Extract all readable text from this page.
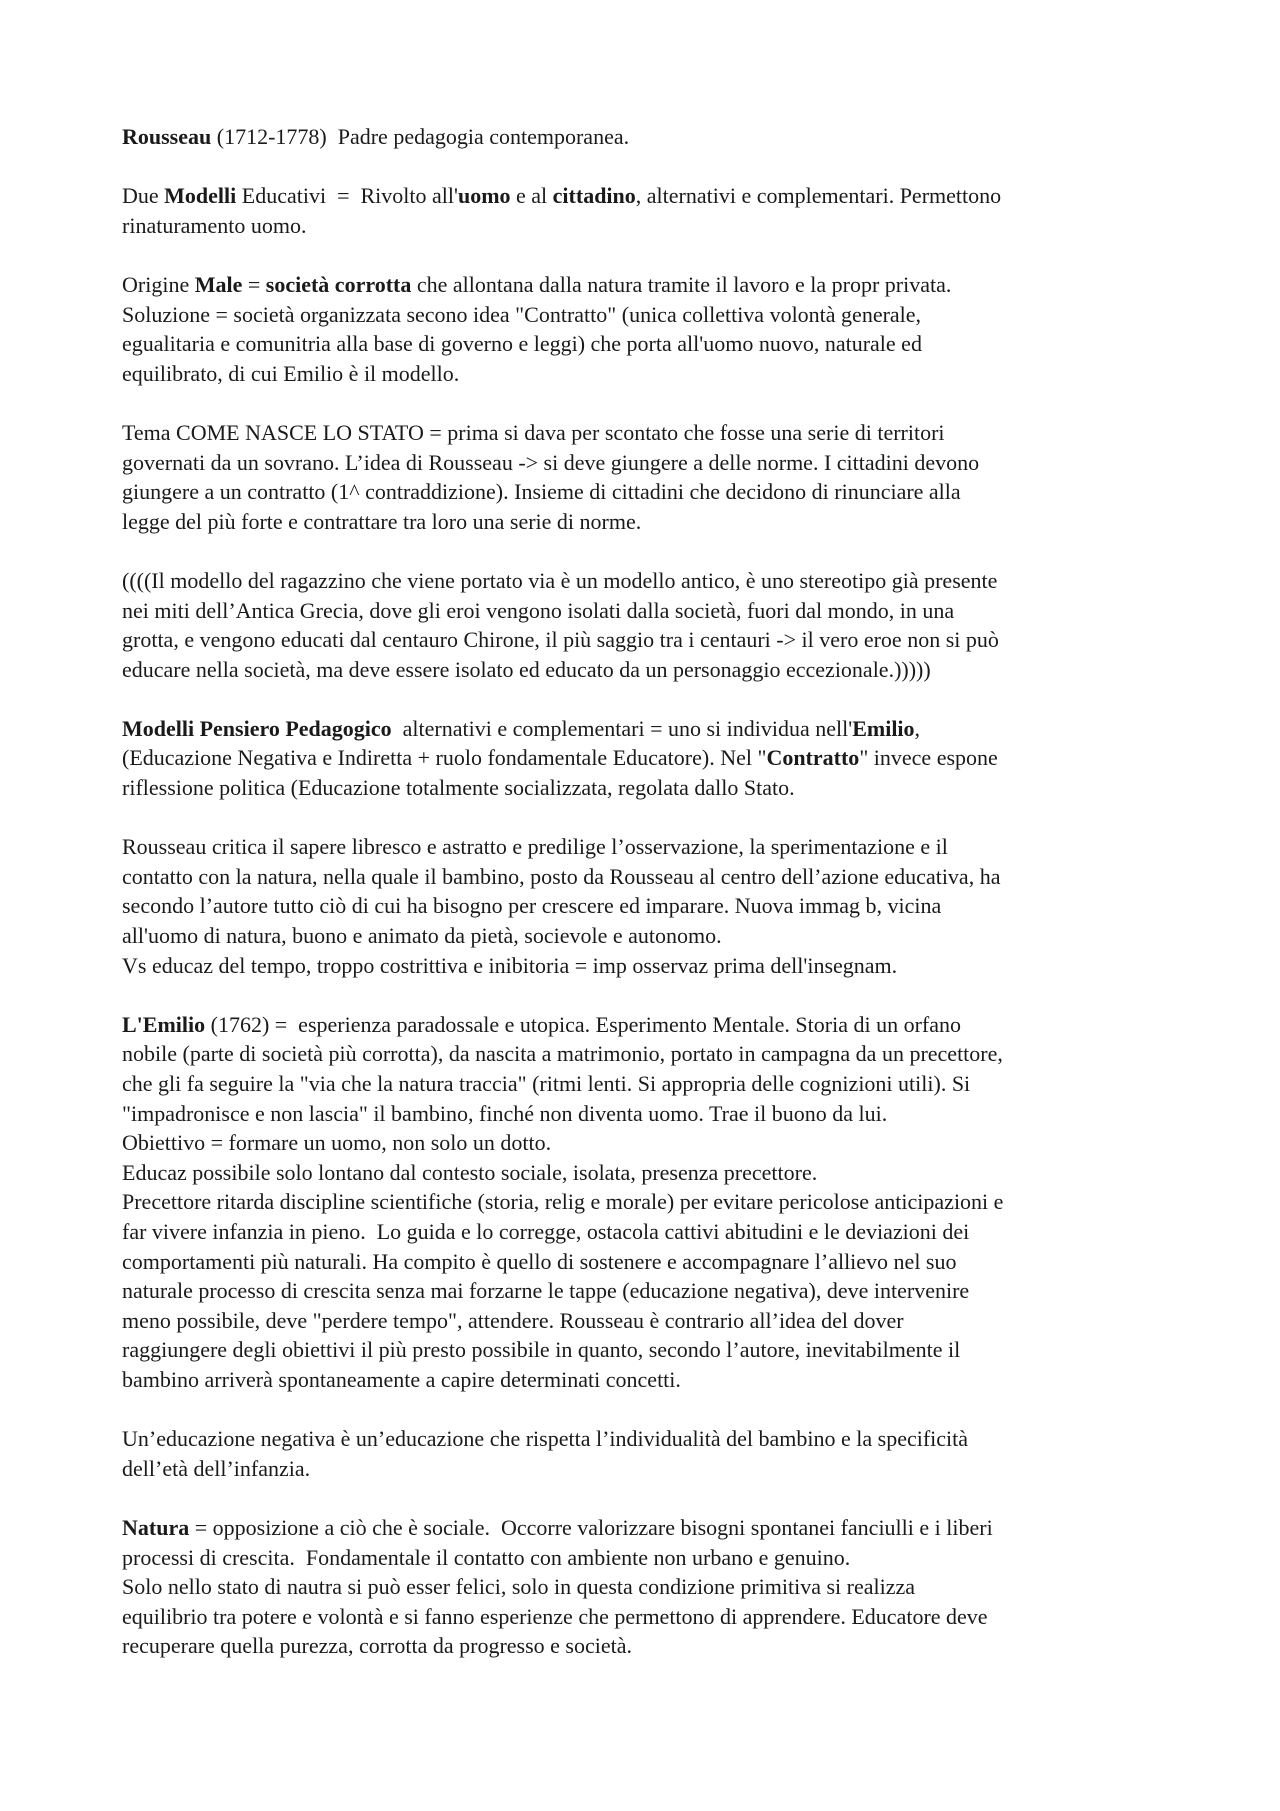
Rousseau (1712-1778)  Padre pedagogia contemporanea.

Due Modelli Educativi  =  Rivolto all'uomo e al cittadino, alternativi e complementari. Permettono
rinaturamento uomo.

Origine Male = società corrotta che allontana dalla natura tramite il lavoro e la propr privata.
Soluzione = società organizzata secono idea "Contratto" (unica collettiva volontà generale,
egualitaria e comunitria alla base di governo e leggi) che porta all'uomo nuovo, naturale ed
equilibrato, di cui Emilio è il modello.

Tema COME NASCE LO STATO = prima si dava per scontato che fosse una serie di territori
governati da un sovrano. L’idea di Rousseau -> si deve giungere a delle norme. I cittadini devono
giungere a un contratto (1^ contraddizione). Insieme di cittadini che decidono di rinunciare alla
legge del più forte e contrattare tra loro una serie di norme.

((((Il modello del ragazzino che viene portato via è un modello antico, è uno stereotipo già presente
nei miti dell’Antica Grecia, dove gli eroi vengono isolati dalla società, fuori dal mondo, in una
grotta, e vengono educati dal centauro Chirone, il più saggio tra i centauri -> il vero eroe non si può
educare nella società, ma deve essere isolato ed educato da un personaggio eccezionale.)))))

Modelli Pensiero Pedagogico  alternativi e complementari = uno si individua nell'Emilio,
(Educazione Negativa e Indiretta + ruolo fondamentale Educatore). Nel "Contratto" invece espone
riflessione politica (Educazione totalmente socializzata, regolata dallo Stato.

Rousseau critica il sapere libresco e astratto e predilige l’osservazione, la sperimentazione e il
contatto con la natura, nella quale il bambino, posto da Rousseau al centro dell’azione educativa, ha
secondo l’autore tutto ciò di cui ha bisogno per crescere ed imparare. Nuova immag b, vicina
all'uomo di natura, buono e animato da pietà, socievole e autonomo.
Vs educaz del tempo, troppo costrittiva e inibitoria = imp osservaz prima dell'insegnam.

L'Emilio (1762) =  esperienza paradossale e utopica. Esperimento Mentale. Storia di un orfano
nobile (parte di società più corrotta), da nascita a matrimonio, portato in campagna da un precettore,
che gli fa seguire la "via che la natura traccia" (ritmi lenti. Si appropria delle cognizioni utili). Si
"impadronisce e non lascia" il bambino, finché non diventa uomo. Trae il buono da lui.
Obiettivo = formare un uomo, non solo un dotto.
Educaz possibile solo lontano dal contesto sociale, isolata, presenza precettore.
Precettore ritarda discipline scientifiche (storia, relig e morale) per evitare pericolose anticipazioni e
far vivere infanzia in pieno.  Lo guida e lo corregge, ostacola cattivi abitudini e le deviazioni dei
comportamenti più naturali. Ha compito è quello di sostenere e accompagnare l’allievo nel suo
naturale processo di crescita senza mai forzarne le tappe (educazione negativa), deve intervenire
meno possibile, deve "perdere tempo", attendere. Rousseau è contrario all’idea del dover
raggiungere degli obiettivi il più presto possibile in quanto, secondo l’autore, inevitabilmente il
bambino arriverà spontaneamente a capire determinati concetti.

Un’educazione negativa è un’educazione che rispetta l’individualità del bambino e la specificità
dell’età dell’infanzia.

Natura = opposizione a ciò che è sociale.  Occorre valorizzare bisogni spontanei fanciulli e i liberi
processi di crescita.  Fondamentale il contatto con ambiente non urbano e genuino.
Solo nello stato di nautra si può esser felici, solo in questa condizione primitiva si realizza
equilibrio tra potere e volontà e si fanno esperienze che permettono di apprendere. Educatore deve
recuperare quella purezza, corrotta da progresso e società.
